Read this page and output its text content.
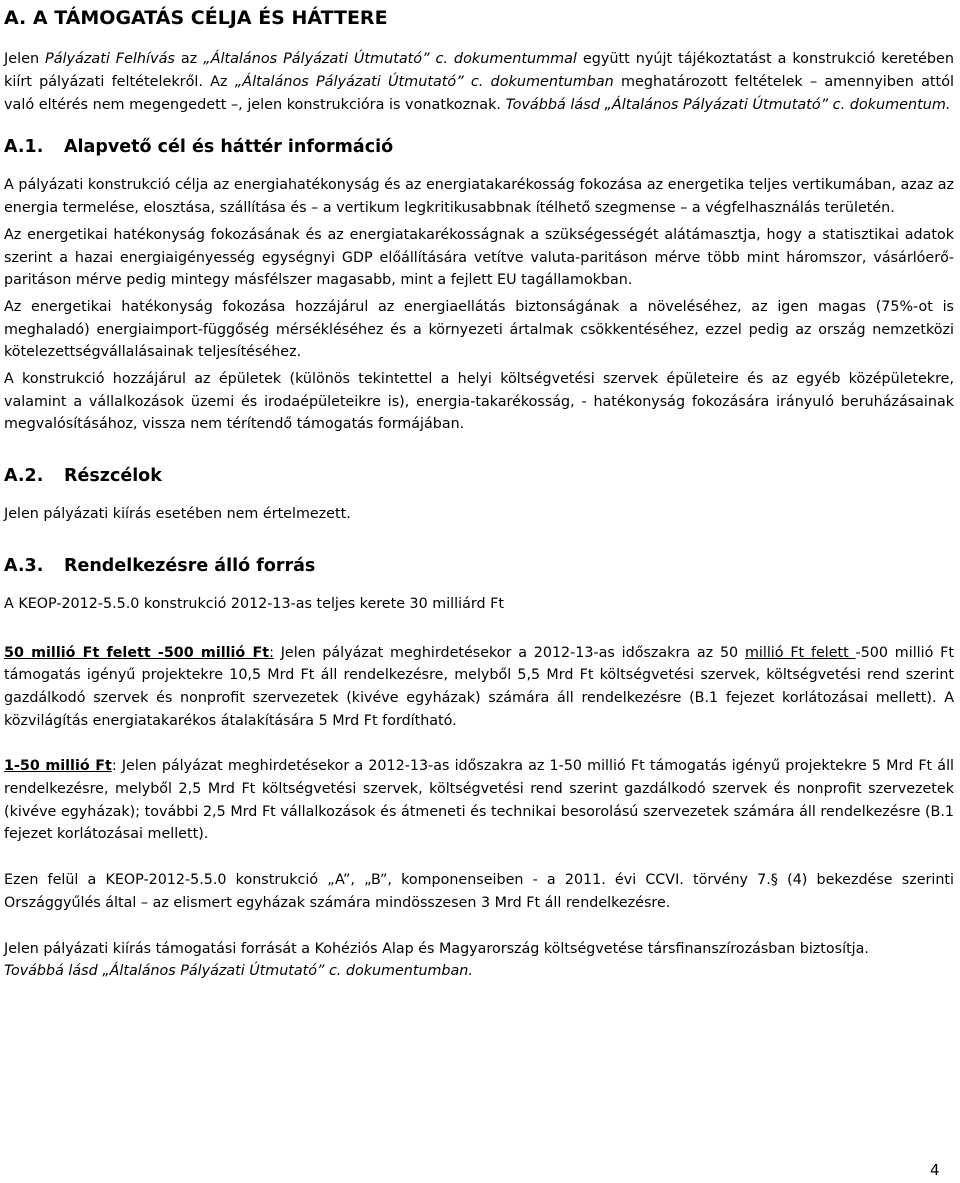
A. A TÁMOGATÁS CÉLJA ÉS HÁTTERE

Jelen Pályázati Felhívás az „Általános Pályázati Útmutató” c. dokumentummal együtt nyújt tájékoztatást a konstrukció keretében kiírt pályázati feltételekről. Az „Általános Pályázati Útmutató” c. dokumentumban meghatározott feltételek – amennyiben attól való eltérés nem megengedett –, jelen konstrukcióra is vonatkoznak. Továbbá lásd „Általános Pályázati Útmutató” c. dokumentum.

A.1. Alapvető cél és háttér információ

A pályázati konstrukció célja az energiahatékonyság és az energiatakarékosság fokozása az energetika teljes vertikumában, azaz az energia termelése, elosztása, szállítása és – a vertikum legkritikusabbnak ítélhető szegmense – a végfelhasználás területén.

Az energetikai hatékonyság fokozásának és az energiatakarékosságnak a szükségességét alátámasztja, hogy a statisztikai adatok szerint a hazai energiaigényesség egységnyi GDP előállítására vetítve valuta-paritáson mérve több mint háromszor, vásárlóerő-paritáson mérve pedig mintegy másfélszer magasabb, mint a fejlett EU tagállamokban.

Az energetikai hatékonyság fokozása hozzájárul az energiaellátás biztonságának a növeléséhez, az igen magas (75%-ot is meghaladó) energiaimport-függőség mérsékléséhez és a környezeti ártalmak csökkentéséhez, ezzel pedig az ország nemzetközi kötelezettségvállalásainak teljesítéséhez.

A konstrukció hozzájárul az épületek (különös tekintettel a helyi költségvetési szervek épületeire és az egyéb középületekre, valamint a vállalkozások üzemi és irodaépületeikre is), energia-takarékosság, - hatékonyság fokozására irányuló beruházásainak megvalósításához, vissza nem térítendő támogatás formájában.

A.2. Részcélok

Jelen pályázati kiírás esetében nem értelmezett.

A.3. Rendelkezésre álló forrás

A KEOP-2012-5.5.0 konstrukció 2012-13-as teljes kerete 30 milliárd Ft

50 millió Ft felett -500 millió Ft: Jelen pályázat meghirdetésekor a 2012-13-as időszakra az 50 millió Ft felett -500 millió Ft támogatás igényű projektekre 10,5 Mrd Ft áll rendelkezésre, melyből 5,5 Mrd Ft költségvetési szervek, költségvetési rend szerint gazdálkodó szervek és nonprofit szervezetek (kivéve egyházak) számára áll rendelkezésre (B.1 fejezet korlátozásai mellett). A közvilágítás energiatakarékos átalakítására 5 Mrd Ft fordítható.

1-50 millió Ft: Jelen pályázat meghirdetésekor a 2012-13-as időszakra az 1-50 millió Ft támogatás igényű projektekre 5 Mrd Ft áll rendelkezésre, melyből 2,5 Mrd Ft költségvetési szervek, költségvetési rend szerint gazdálkodó szervek és nonprofit szervezetek (kivéve egyházak); további 2,5 Mrd Ft vállalkozások és átmeneti és technikai besorolású szervezetek számára áll rendelkezésre (B.1 fejezet korlátozásai mellett).

Ezen felül a KEOP-2012-5.5.0 konstrukció „A”, „B”, komponenseiben - a 2011. évi CCVI. törvény 7.§ (4) bekezdése szerinti Országgyűlés által – az elismert egyházak számára mindösszesen 3 Mrd Ft áll rendelkezésre.

Jelen pályázati kiírás támogatási forrását a Kohéziós Alap és Magyarország költségvetése társfinanszírozásban biztosítja.

Továbbá lásd „Általános Pályázati Útmutató” c. dokumentumban.

4
